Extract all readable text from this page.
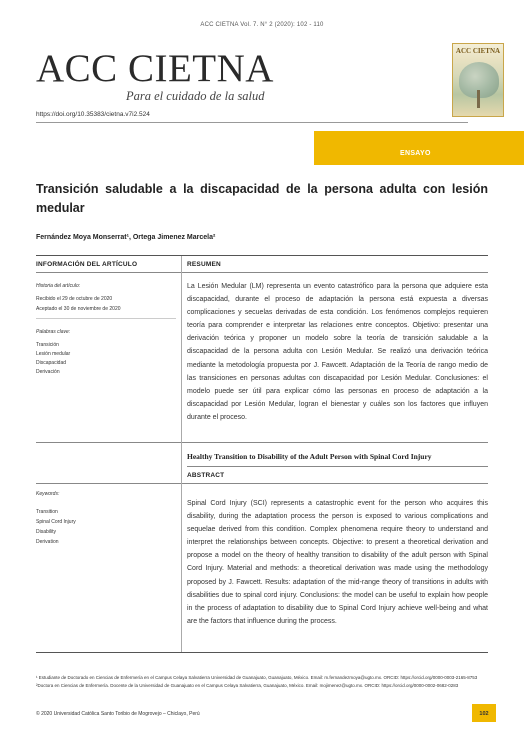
ACC CIETNA Vol. 7. N° 2 (2020): 102 - 110
ACC CIETNA
Para el cuidado de la salud
ACC CIETNA
https://doi.org/10.35383/cietna.v7i2.524
ENSAYO
Transición saludable a la discapacidad de la persona adulta con lesión medular
Fernández Moya Monserrat¹, Ortega Jimenez Marcela²
INFORMACIÓN DEL ARTÍCULO	RESUMEN
ABSTRACT
Historia del artículo:
Recibido el 29 de octubre de 2020
Aceptado el 30 de noviembre de 2020
Palabras clave:
Transición
Lesión medular
Discapacidad
Derivación
Keywords:
Transition
Spinal Cord Injury
Disability
Derivation
La Lesión Medular (LM) representa un evento catastrófico para la persona que adquiere esta discapacidad, durante el proceso de adaptación la persona está expuesta a diversas complicaciones y secuelas derivadas de esta condición. Los fenómenos complejos requieren teoría para comprender e interpretar las relaciones entre conceptos. Objetivo: presentar una derivación teórica y proponer un modelo sobre la teoría de transición saludable a la discapacidad de la persona adulta con Lesión Medular. Se realizó una derivación teórica mediante la metodología propuesta por J. Fawcett. Adaptación de la Teoría de rango medio de las transiciones en personas adultas con discapacidad por Lesión Medular. Conclusiones: el modelo puede ser útil para explicar cómo las personas en proceso de adaptación a la discapacidad por Lesión Medular, logran el bienestar y cuáles son los factores que influyen durante el proceso.
Healthy Transition to Disability of the Adult Person with Spinal Cord Injury
Spinal Cord Injury (SCI) represents a catastrophic event for the person who acquires this disability, during the adaptation process the person is exposed to various complications and sequelae derived from this condition. Complex phenomena require theory to understand and interpret the relationships between concepts. Objective: to present a theoretical derivation and propose a model on the theory of healthy transition to disability of the adult person with Spinal Cord Injury. Material and methods: a theoretical derivation was made using the methodology proposed by J. Fawcett. Results: adaptation of the mid-range theory of transitions in adults with disabilities due to spinal cord injury. Conclusions: the model can be useful to explain how people in the process of adaptation to disability due to Spinal Cord Injury achieve well-being and what are the factors that influence during the process.
¹ Estudiante de Doctorado en Ciencias de Enfermería en el Campus Celaya Salvatierra Universidad de Guanajuato, Guanajuato, México. Email: m.fernandezmoya@ugto.mx. ORCID: https://orcid.org/0000-0003-2165-8753
²Doctora en Ciencias de Enfermería. Docente de la Universidad de Guanajuato en el Campus Celaya Salvatierra, Guanajuato, México. Email: mojimenez@ugto.mx. ORCID: https://orcid.org/0000-0002-0682-0283
© 2020 Universidad Católica Santo Toribio de Mogrovejo – Chiclayo, Perú	102
